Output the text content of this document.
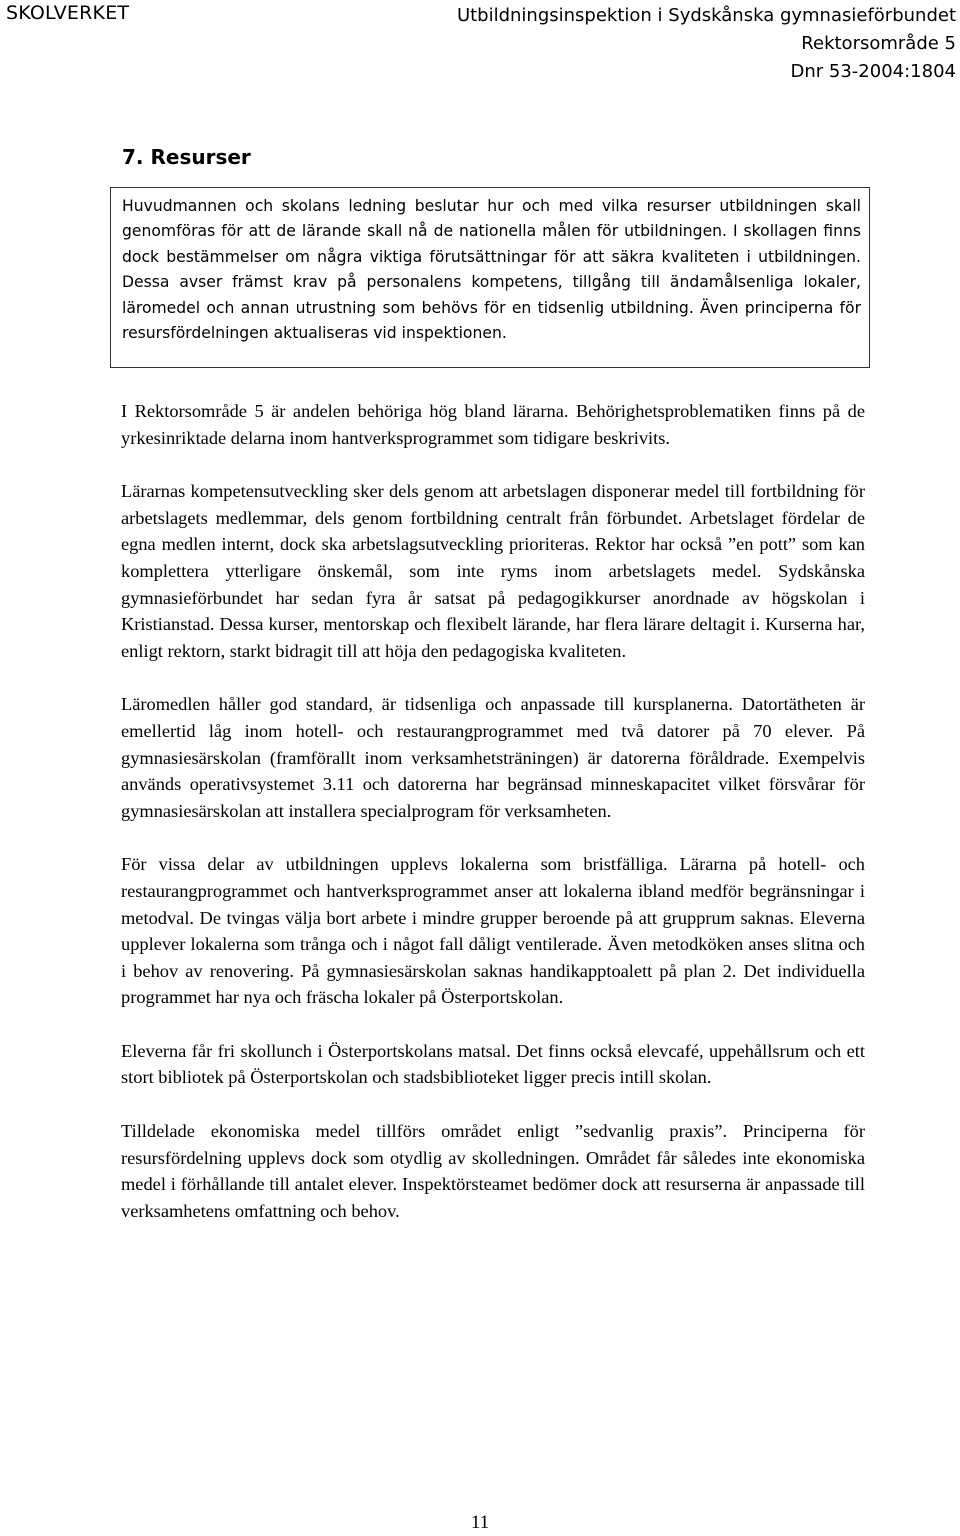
SKOLVERKET	Utbildningsinspektion i Sydskånska gymnasieförbundet
Rektorsområde 5
Dnr 53-2004:1804
7. Resurser

Huvudmannen och skolans ledning beslutar hur och med vilka resurser utbildningen skall genomföras för att de lärande skall nå de nationella målen för utbildningen. I skollagen finns dock bestämmelser om några viktiga förutsättningar för att säkra kvaliteten i utbildningen. Dessa avser främst krav på personalens kompetens, tillgång till ändamålsenliga lokaler, läromedel och annan utrustning som behövs för en tidsenlig utbildning. Även principerna för resursfördelningen aktualiseras vid inspektionen.

I Rektorsområde 5 är andelen behöriga hög bland lärarna. Behörighetsproblematiken finns på de yrkesinriktade delarna inom hantverksprogrammet som tidigare beskrivits.

Lärarnas kompetensutveckling sker dels genom att arbetslagen disponerar medel till fortbildning för arbetslagets medlemmar, dels genom fortbildning centralt från förbundet. Arbetslaget fördelar de egna medlen internt, dock ska arbetslagsutveckling prioriteras. Rektor har också ”en pott” som kan komplettera ytterligare önskemål, som inte ryms inom arbetslagets medel. Sydskånska gymnasieförbundet har sedan fyra år satsat på pedagogikkurser anordnade av högskolan i Kristianstad. Dessa kurser, mentorskap och flexibelt lärande, har flera lärare deltagit i. Kurserna har, enligt rektorn, starkt bidragit till att höja den pedagogiska kvaliteten.

Läromedlen håller god standard, är tidsenliga och anpassade till kursplanerna. Datortätheten är emellertid låg inom hotell- och restaurangprogrammet med två datorer på 70 elever. På gymnasiesärskolan (framförallt inom verksamhetsträningen) är datorerna föråldrade. Exempelvis används operativsystemet 3.11 och datorerna har begränsad minneskapacitet vilket försvårar för gymnasiesärskolan att installera specialprogram för verksamheten.

För vissa delar av utbildningen upplevs lokalerna som bristfälliga. Lärarna på hotell- och restaurangprogrammet och hantverksprogrammet anser att lokalerna ibland medför begränsningar i metodval. De tvingas välja bort arbete i mindre grupper beroende på att grupprum saknas. Eleverna upplever lokalerna som trånga och i något fall dåligt ventilerade. Även metodköken anses slitna och i behov av renovering. På gymnasiesärskolan saknas handikapptoalett på plan 2. Det individuella programmet har nya och fräscha lokaler på Österportskolan.

Eleverna får fri skollunch i Österportskolans matsal. Det finns också elevcafé, uppehållsrum och ett stort bibliotek på Österportskolan och stadsbiblioteket ligger precis intill skolan.

Tilldelade ekonomiska medel tillförs området enligt ”sedvanlig praxis”. Principerna för resursfördelning upplevs dock som otydlig av skolledningen. Området får således inte ekonomiska medel i förhållande till antalet elever. Inspektörsteamet bedömer dock att resurserna är anpassade till verksamhetens omfattning och behov.

11
